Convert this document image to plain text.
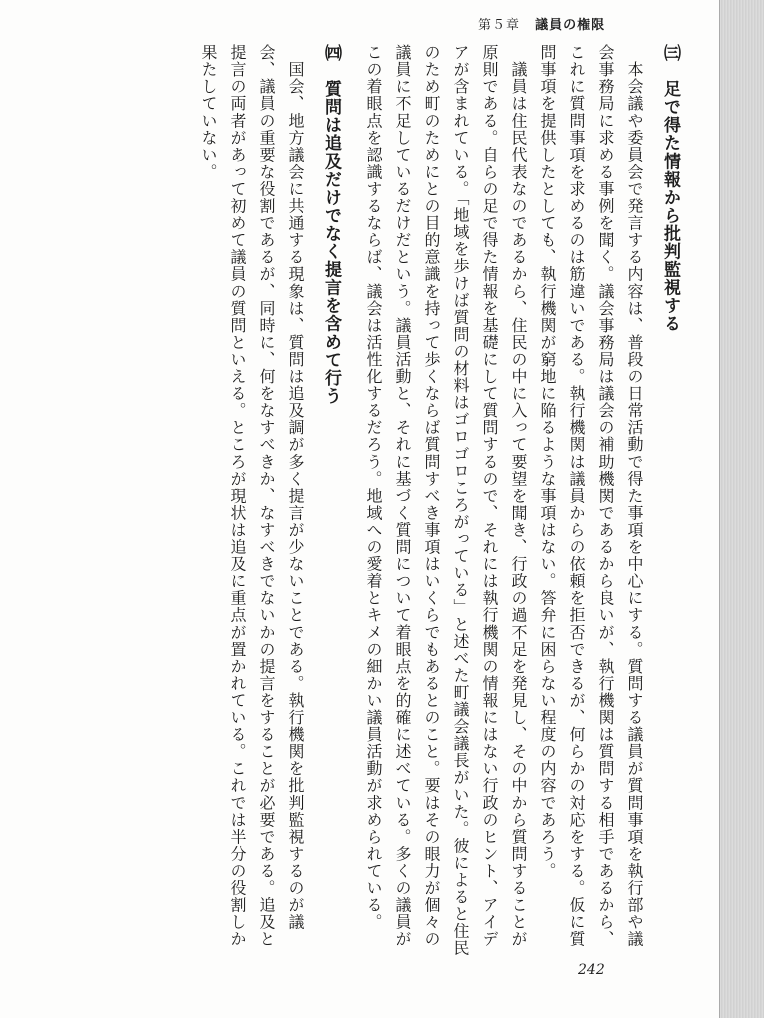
第５章 議員の権限

㈢　足で得た情報から批判監視する

　本会議や委員会で発言する内容は、普段の日常活動で得た事項を中心にする。質問する議員が質問事項を執行部や議会事務局に求める事例を聞く。議会事務局は議会の補助機関であるから良いが、執行機関は質問する相手であるから、これに質問事項を求めるのは筋違いである。執行機関は議員からの依頼を拒否できるが、何らかの対応をする。仮に質問事項を提供したとしても、執行機関が窮地に陥るような事項はない。答弁に困らない程度の内容であろう。

　議員は住民代表なのであるから、住民の中に入って要望を聞き、行政の過不足を発見し、その中から質問することが原則である。自らの足で得た情報を基礎にして質問するので、それには執行機関の情報にはない行政のヒント、アイデアが含まれている。「地域を歩けば質問の材料はゴロゴロころがっている」と述べた町議会議長がいた。彼によると住民のため町のためにとの目的意識を持って歩くならば質問すべき事項はいくらでもあるとのこと。要はその眼力が個々の議員に不足しているだけだという。議員活動と、それに基づく質問について着眼点を的確に述べている。多くの議員がこの着眼点を認識するならば、議会は活性化するだろう。地域への愛着とキメの細かい議員活動が求められている。

㈣　質問は追及だけでなく提言を含めて行う

　国会、地方議会に共通する現象は、質問は追及調が多く提言が少ないことである。執行機関を批判監視するのが議会、議員の重要な役割であるが、同時に、何をなすべきか、なすべきでないかの提言をすることが必要である。追及と提言の両者があって初めて議員の質問といえる。ところが現状は追及に重点が置かれている。これでは半分の役割しか果たしていない。

242
